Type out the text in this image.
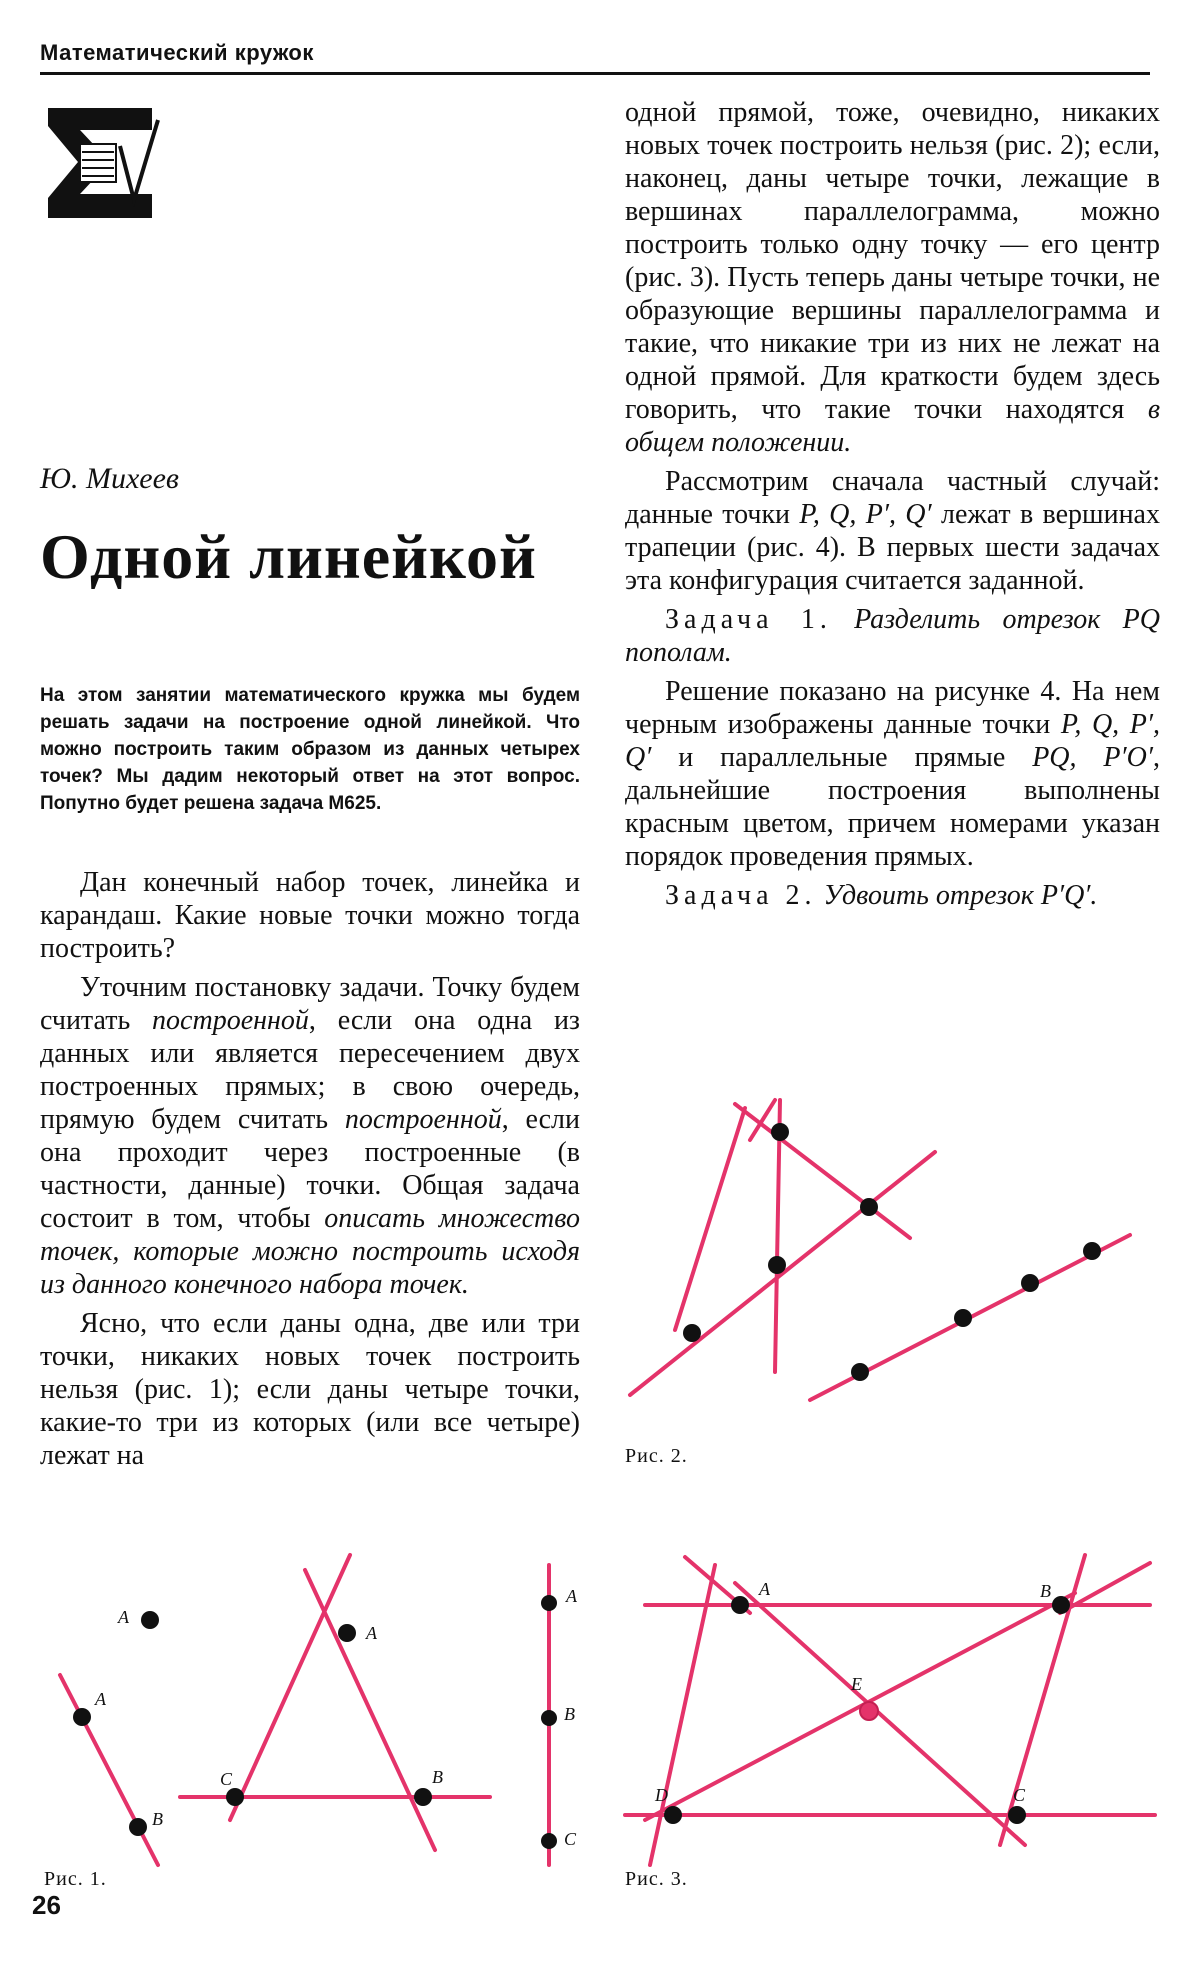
Математический кружок
Ю. Михеев
Одной линейкой
На этом занятии математического кружка мы будем решать задачи на построение одной линейкой. Что можно построить таким образом из данных четырех точек? Мы дадим некоторый ответ на этот вопрос. Попутно будет решена задача М625.

Дан конечный набор точек, линейка и карандаш. Какие новые точки можно тогда построить?

Уточним постановку задачи. Точку будем считать построенной, если она одна из данных или является пересечением двух построенных прямых; в свою очередь, прямую будем считать построенной, если она проходит через построенные (в частности, данные) точки. Общая задача состоит в том, чтобы описать множество точек, которые можно построить исходя из данного конечного набора точек.

Ясно, что если даны одна, две или три точки, никаких новых точек построить нельзя (рис. 1); если даны четыре точки, какие-то три из которых (или все четыре) лежат на

одной прямой, тоже, очевидно, никаких новых точек построить нельзя (рис. 2); если, наконец, даны четыре точки, лежащие в вершинах параллелограмма, можно построить только одну точку — его центр (рис. 3). Пусть теперь даны четыре точки, не образующие вершины параллелограмма и такие, что никакие три из них не лежат на одной прямой. Для краткости будем здесь говорить, что такие точки находятся в общем положении.

Рассмотрим сначала частный случай: данные точки P, Q, P′, Q′ лежат в вершинах трапеции (рис. 4). В первых шести задачах эта конфигурация считается заданной.

Задача 1. Разделить отрезок PQ пополам.

Решение показано на рисунке 4. На нем черным изображены данные точки P, Q, P′, Q′ и параллельные прямые PQ, P′O′, дальнейшие построения выполнены красным цветом, причем номерами указан порядок проведения прямых.

Задача 2. Удвоить отрезок P′Q′.

Рис. 2.
A
A
B
A
C	B
A
B
C
Рис. 1.
A	B
E
D	C
Рис. 3.
26
